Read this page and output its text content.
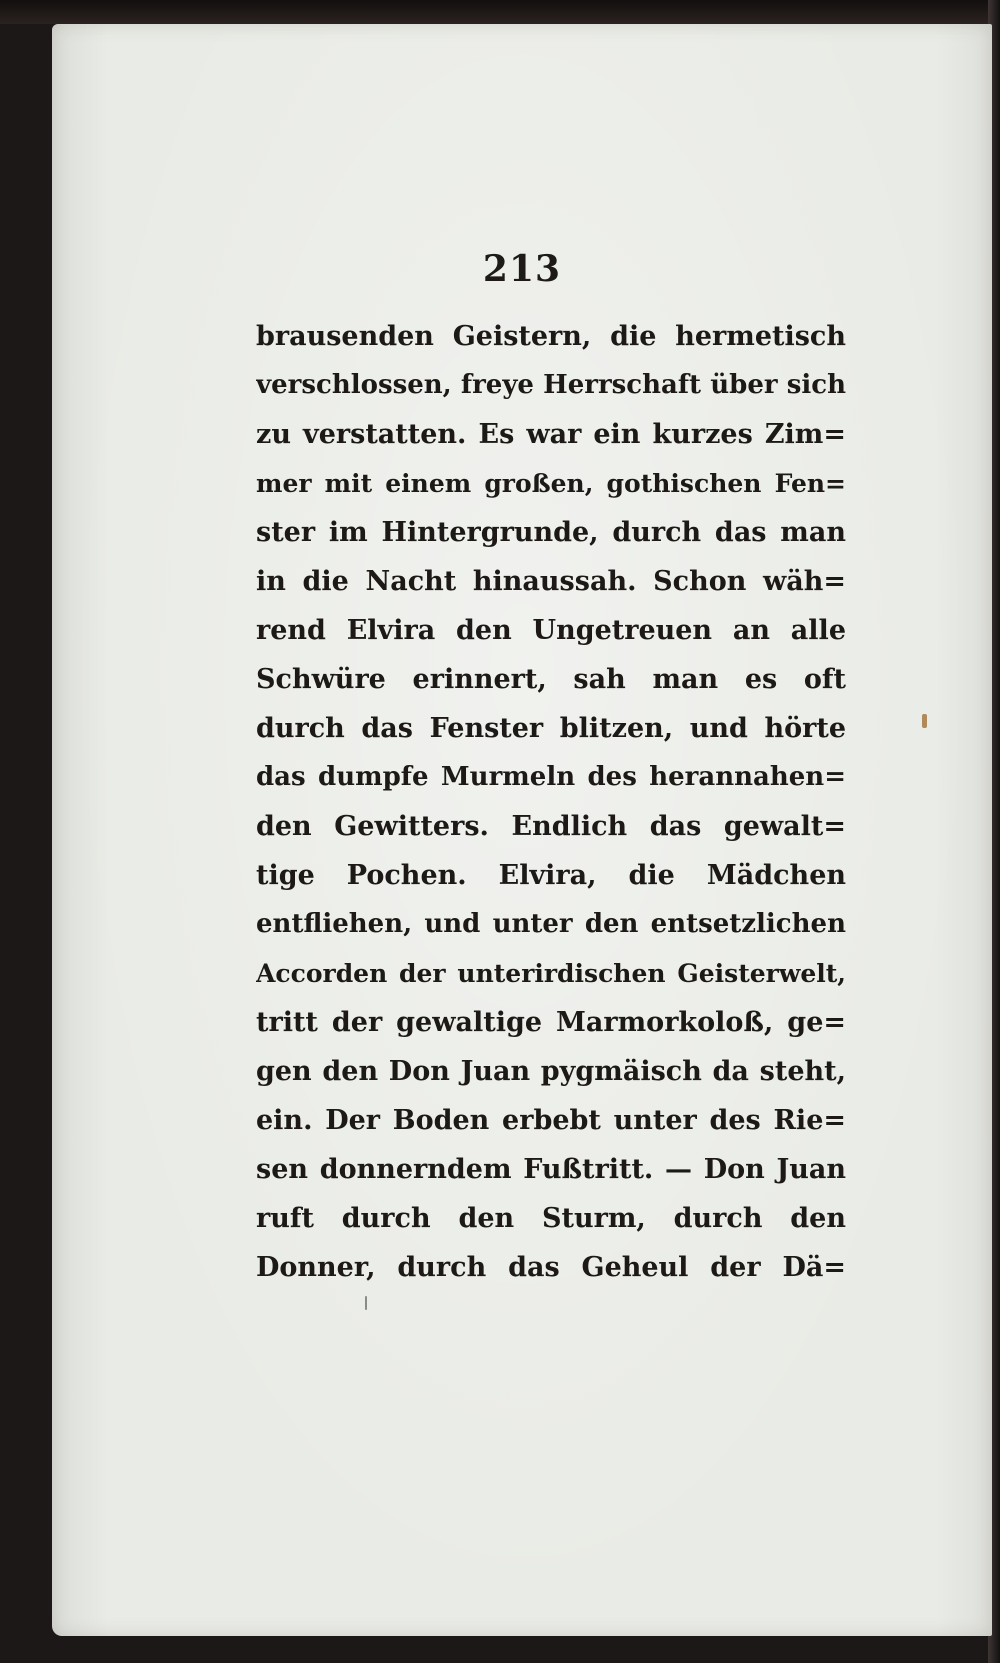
213
brausenden Geistern, die hermetisch
verschlossen, freye Herrschaft über sich
zu verstatten. Es war ein kurzes Zim=
mer mit einem großen, gothischen Fen=
ster im Hintergrunde, durch das man
in die Nacht hinaussah. Schon wäh=
rend Elvira den Ungetreuen an alle
Schwüre erinnert, sah man es oft
durch das Fenster blitzen, und hörte
das dumpfe Murmeln des herannahen=
den Gewitters. Endlich das gewalt=
tige Pochen. Elvira, die Mädchen
entfliehen, und unter den entsetzlichen
Accorden der unterirdischen Geisterwelt,
tritt der gewaltige Marmorkoloß, ge=
gen den Don Juan pygmäisch da steht,
ein. Der Boden erbebt unter des Rie=
sen donnerndem Fußtritt. — Don Juan
ruft durch den Sturm, durch den
Donner, durch das Geheul der Dä=
